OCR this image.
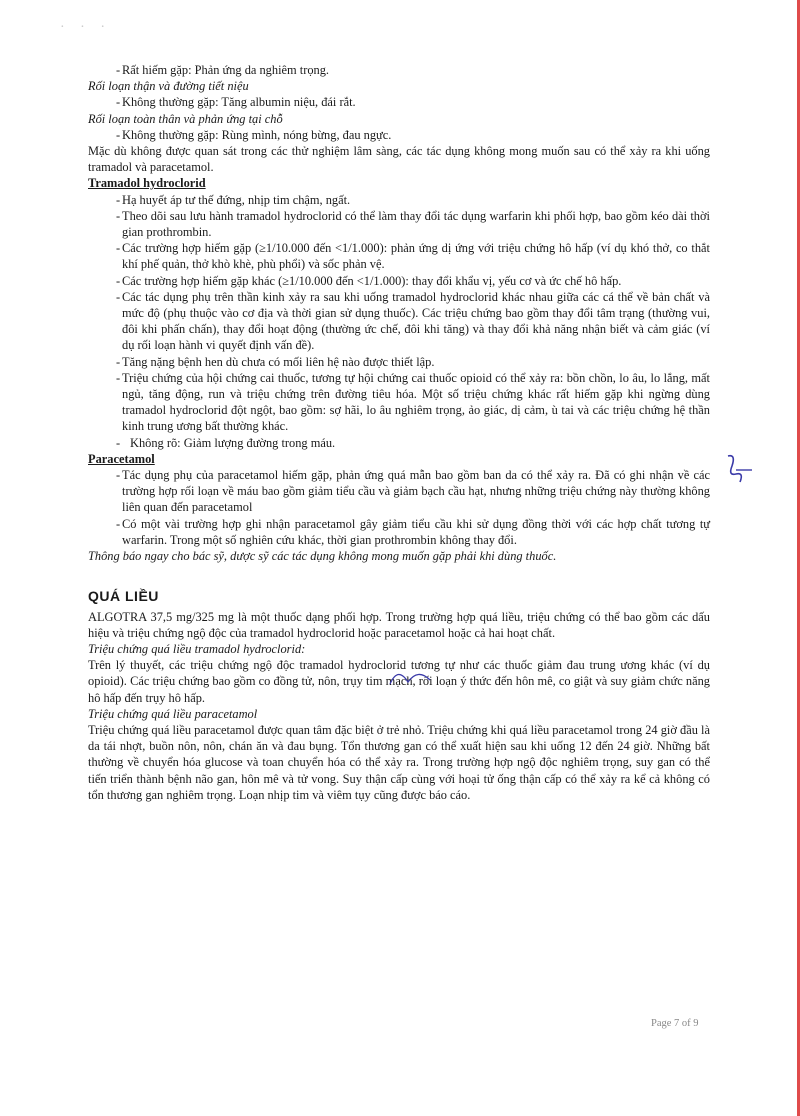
· · ·

- Rất hiếm gặp: Phản ứng da nghiêm trọng.

Rối loạn thận và đường tiết niệu

- Không thường gặp: Tăng albumin niệu, đái rắt.

Rối loạn toàn thân và phản ứng tại chỗ

- Không thường gặp: Rùng mình, nóng bừng, đau ngực.

Mặc dù không được quan sát trong các thử nghiệm lâm sàng, các tác dụng không mong muốn sau có thể xảy ra khi uống tramadol và paracetamol.

Tramadol hydroclorid

- Hạ huyết áp tư thế đứng, nhịp tim chậm, ngất.

- Theo dõi sau lưu hành tramadol hydroclorid có thể làm thay đổi tác dụng warfarin khi phối hợp, bao gồm kéo dài thời gian prothrombin.

- Các trường hợp hiếm gặp (≥1/10.000 đến <1/1.000): phản ứng dị ứng với triệu chứng hô hấp (ví dụ khó thở, co thắt khí phế quản, thở khò khè, phù phổi) và sốc phản vệ.

- Các trường hợp hiếm gặp khác (≥1/10.000 đến <1/1.000): thay đổi khẩu vị, yếu cơ và ức chế hô hấp.

- Các tác dụng phụ trên thần kinh xảy ra sau khi uống tramadol hydroclorid khác nhau giữa các cá thể về bản chất và mức độ (phụ thuộc vào cơ địa và thời gian sử dụng thuốc). Các triệu chứng bao gồm thay đổi tâm trạng (thường vui, đôi khi phấn chấn), thay đổi hoạt động (thường ức chế, đôi khi tăng) và thay đổi khả năng nhận biết và cảm giác (ví dụ rối loạn hành vi quyết định vấn đề).

- Tăng nặng bệnh hen dù chưa có mối liên hệ nào được thiết lập.

- Triệu chứng của hội chứng cai thuốc, tương tự hội chứng cai thuốc opioid có thể xảy ra: bồn chồn, lo âu, lo lắng, mất ngủ, tăng động, run và triệu chứng trên đường tiêu hóa. Một số triệu chứng khác rất hiếm gặp khi ngừng dùng tramadol hydroclorid đột ngột, bao gồm: sợ hãi, lo âu nghiêm trọng, ảo giác, dị cảm, ù tai và các triệu chứng hệ thần kinh trung ương bất thường khác.

- Không rõ: Giảm lượng đường trong máu.

Paracetamol

- Tác dụng phụ của paracetamol hiếm gặp, phản ứng quá mẫn bao gồm ban da có thể xảy ra. Đã có ghi nhận về các trường hợp rối loạn về máu bao gồm giảm tiểu cầu và giảm bạch cầu hạt, nhưng những triệu chứng này thường không liên quan đến paracetamol

- Có một vài trường hợp ghi nhận paracetamol gây giảm tiểu cầu khi sử dụng đồng thời với các hợp chất tương tự warfarin. Trong một số nghiên cứu khác, thời gian prothrombin không thay đổi.

Thông báo ngay cho bác sỹ, dược sỹ các tác dụng không mong muốn gặp phải khi dùng thuốc.

QUÁ LIỀU

ALGOTRA 37,5 mg/325 mg là một thuốc dạng phối hợp. Trong trường hợp quá liều, triệu chứng có thể bao gồm các dấu hiệu và triệu chứng ngộ độc của tramadol hydroclorid hoặc paracetamol hoặc cả hai hoạt chất.

Triệu chứng quá liều tramadol hydroclorid:

Trên lý thuyết, các triệu chứng ngộ độc tramadol hydroclorid tương tự như các thuốc giảm đau trung ương khác (ví dụ opioid). Các triệu chứng bao gồm co đồng tử, nôn, trụy tim mạch, rối loạn ý thức đến hôn mê, co giật và suy giảm chức năng hô hấp đến trụy hô hấp.

Triệu chứng quá liều paracetamol

Triệu chứng quá liều paracetamol được quan tâm đặc biệt ở trẻ nhỏ. Triệu chứng khi quá liều paracetamol trong 24 giờ đầu là da tái nhợt, buồn nôn, nôn, chán ăn và đau bụng. Tổn thương gan có thể xuất hiện sau khi uống 12 đến 24 giờ. Những bất thường về chuyển hóa glucose và toan chuyển hóa có thể xảy ra. Trong trường hợp ngộ độc nghiêm trọng, suy gan có thể tiến triển thành bệnh não gan, hôn mê và tử vong. Suy thận cấp cùng với hoại tử ống thận cấp có thể xảy ra kể cả không có tổn thương gan nghiêm trọng. Loạn nhịp tim và viêm tụy cũng được báo cáo.

Page 7 of 9
